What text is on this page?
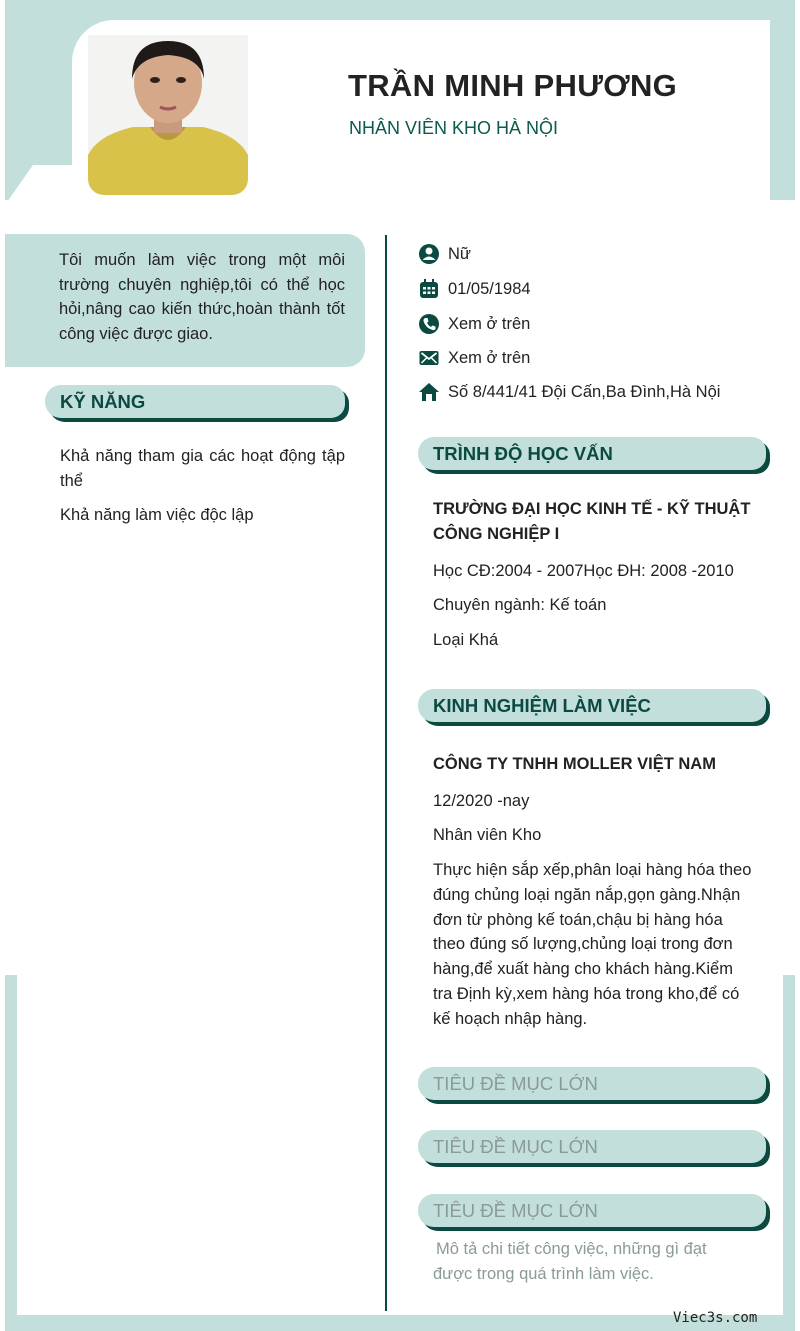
TRẦN MINH PHƯƠNG
NHÂN VIÊN KHO HÀ NỘI

Tôi muốn làm việc trong một môi trường chuyên nghiệp,tôi có thể học hỏi,nâng cao kiến thức,hoàn thành tốt công việc được giao.

KỸ NĂNG
Khả năng tham gia các hoạt động tập thể
Khả năng làm việc độc lập
Nữ
01/05/1984
Xem ở trên
Xem ở trên
Số 8/441/41 Đội Cấn,Ba Đình,Hà Nội
TRÌNH ĐỘ HỌC VẤN
TRƯỜNG ĐẠI HỌC KINH TẾ - KỸ THUẬT
CÔNG NGHIỆP I
Học CĐ:2004 - 2007Học ĐH: 2008 -2010
Chuyên ngành: Kế toán
Loại Khá
KINH NGHIỆM LÀM VIỆC
CÔNG TY TNHH MOLLER VIỆT NAM
12/2020 -nay
Nhân viên Kho

Thực hiện sắp xếp,phân loại hàng hóa theo đúng chủng loại ngăn nắp,gọn gàng.Nhận đơn từ phòng kế toán,chậu bị hàng hóa theo đúng số lượng,chủng loại trong đơn hàng,để xuất hàng cho khách hàng.Kiểm tra Định kỳ,xem hàng hóa trong kho,để có kế hoạch nhập hàng.

TIÊU ĐỀ MỤC LỚN
TIÊU ĐỀ MỤC LỚN
TIÊU ĐỀ MỤC LỚN

Mô tả chi tiết công việc, những gì đạt được trong quá trình làm việc.

Viec3s.com
